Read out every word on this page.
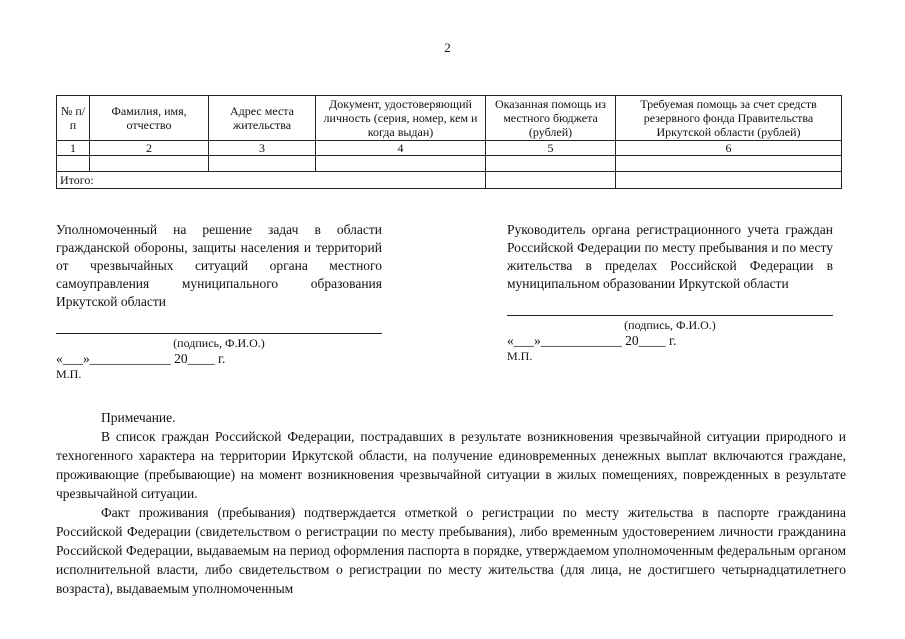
2
№ п/п	Фамилия, имя, отчество	Адрес места жительства	Документ, удостоверяющий личность (серия, номер, кем и когда выдан)	Оказанная помощь из местного бюджета (рублей)	Требуемая помощь за счет средств резервного фонда Правительства Иркутской области (рублей)
1	2	3	4	5	6

Итого:					
Уполномоченный на решение задач в области гражданской обороны, защиты населения и территорий от чрезвычайных ситуаций органа местного самоуправления муниципального образования Иркутской области
(подпись, Ф.И.О.)
«___»____________ 20____ г.
М.П.
Руководитель органа регистрационного учета граждан Российской Федерации по месту пребывания и по месту жительства в пределах Российской Федерации в муниципальном образовании Иркутской области
(подпись, Ф.И.О.)
«___»____________ 20____ г.
М.П.

Примечание.

В список граждан Российской Федерации, пострадавших в результате возникновения чрезвычайной ситуации природного и техногенного характера на территории Иркутской области, на получение единовременных денежных выплат включаются граждане, проживающие (пребывающие) на момент возникновения чрезвычайной ситуации в жилых помещениях, поврежденных в результате чрезвычайной ситуации.

Факт проживания (пребывания) подтверждается отметкой о регистрации по месту жительства в паспорте гражданина Российской Федерации (свидетельством о регистрации по месту пребывания), либо временным удостоверением личности гражданина Российской Федерации, выдаваемым на период оформления паспорта в порядке, утверждаемом уполномоченным федеральным органом исполнительной власти, либо свидетельством о регистрации по месту жительства (для лица, не достигшего четырнадцатилетнего возраста), выдаваемым уполномоченным
